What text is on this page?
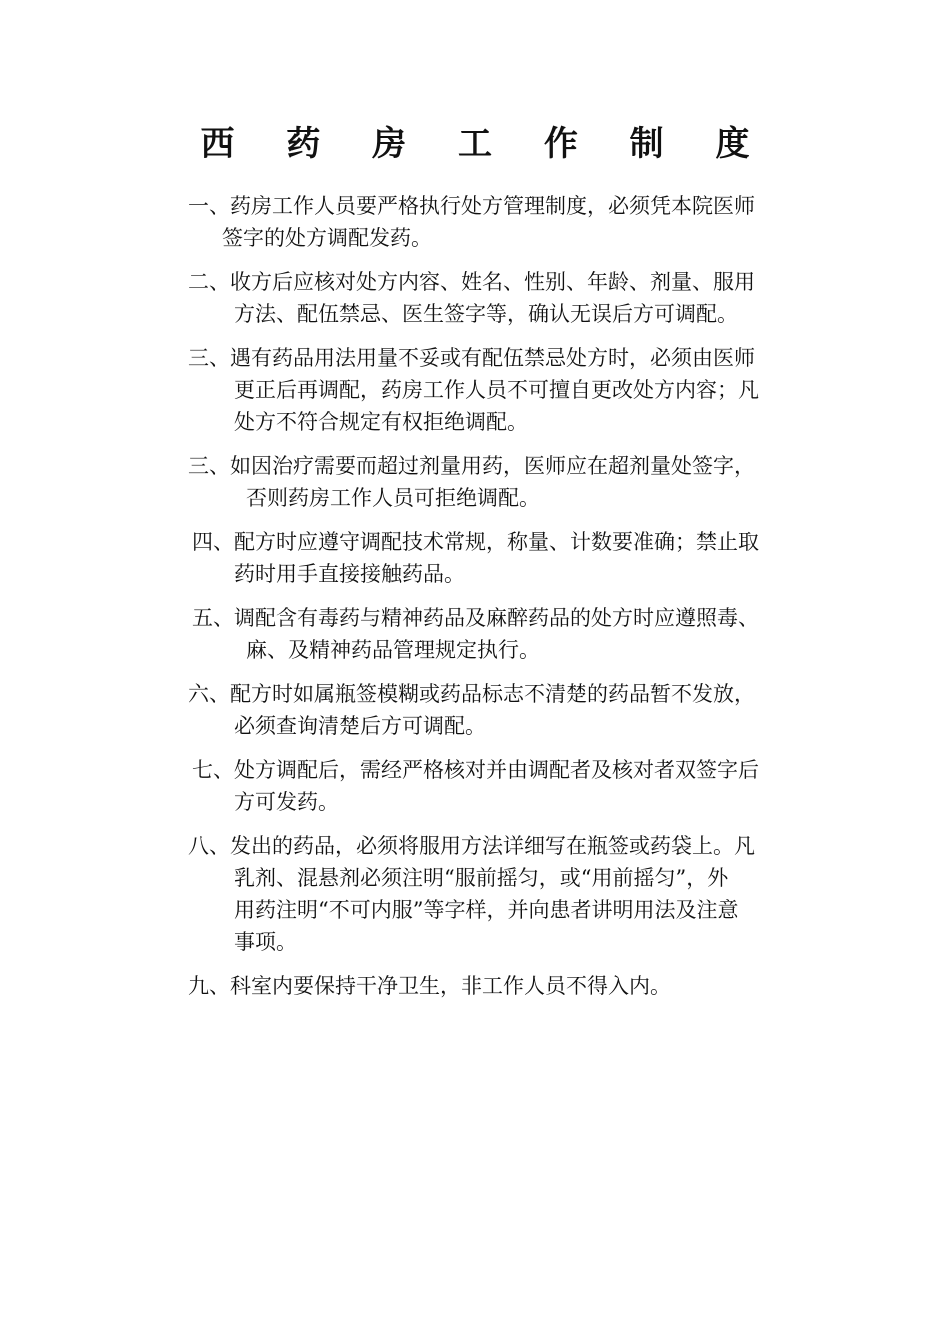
西 药 房 工 作 制 度

一、药房工作人员要严格执行处方管理制度，必须凭本院医师

签字的处方调配发药。

二、收方后应核对处方内容、姓名、性别、年龄、剂量、服用

方法、配伍禁忌、医生签字等，确认无误后方可调配。

三、遇有药品用法用量不妥或有配伍禁忌处方时，必须由医师

更正后再调配，药房工作人员不可擅自更改处方内容；凡

处方不符合规定有权拒绝调配。

三、如因治疗需要而超过剂量用药，医师应在超剂量处签字，

否则药房工作人员可拒绝调配。

四、配方时应遵守调配技术常规，称量、计数要准确；禁止取

药时用手直接接触药品。

五、调配含有毒药与精神药品及麻醉药品的处方时应遵照毒、

麻、及精神药品管理规定执行。

六、配方时如属瓶签模糊或药品标志不清楚的药品暂不发放，

必须查询清楚后方可调配。

七、处方调配后，需经严格核对并由调配者及核对者双签字后

方可发药。

八、发出的药品，必须将服用方法详细写在瓶签或药袋上。凡

乳剂、混悬剂必须注明“服前摇匀，或“用前摇匀”，外

用药注明“不可内服”等字样，并向患者讲明用法及注意

事项。

九、科室内要保持干净卫生，非工作人员不得入内。
